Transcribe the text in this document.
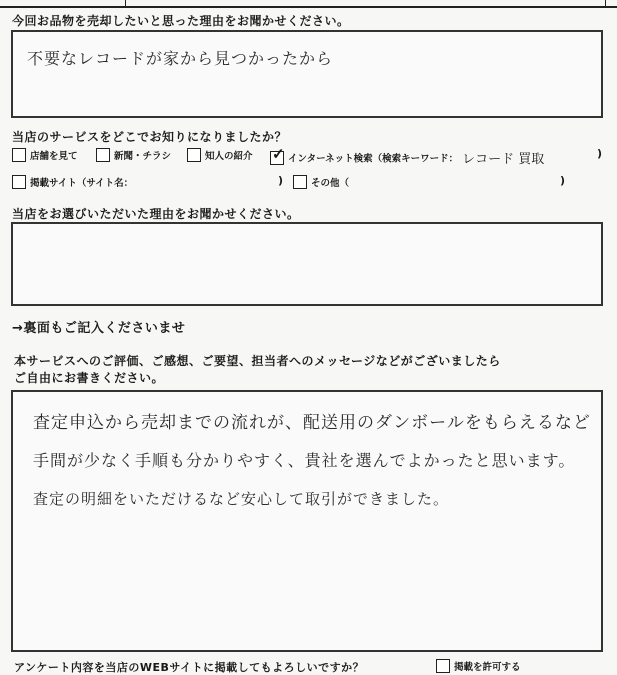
今回お品物を売却したいと思った理由をお聞かせください。
不要なレコードが家から見つかったから
当店のサービスをどこでお知りになりましたか？
店舗を見て	新聞・チラシ	知人の紹介 ✓ インターネット検索（検索キーワード： レコード 買取	)
掲載サイト（サイト名：	)	その他（	)
当店をお選びいただいた理由をお聞かせください。
→裏面もご記入くださいませ
本サービスへのご評価、ご感想、ご要望、担当者へのメッセージなどがございましたら
ご自由にお書きください。
査定申込から売却までの流れが、配送用のダンボールをもらえるなど
手間が少なく手順も分かりやすく、貴社を選んでよかったと思います。
査定の明細をいただけるなど安心して取引ができました。
アンケート内容を当店のWEBサイトに掲載してもよろしいですか？	掲載を許可する
